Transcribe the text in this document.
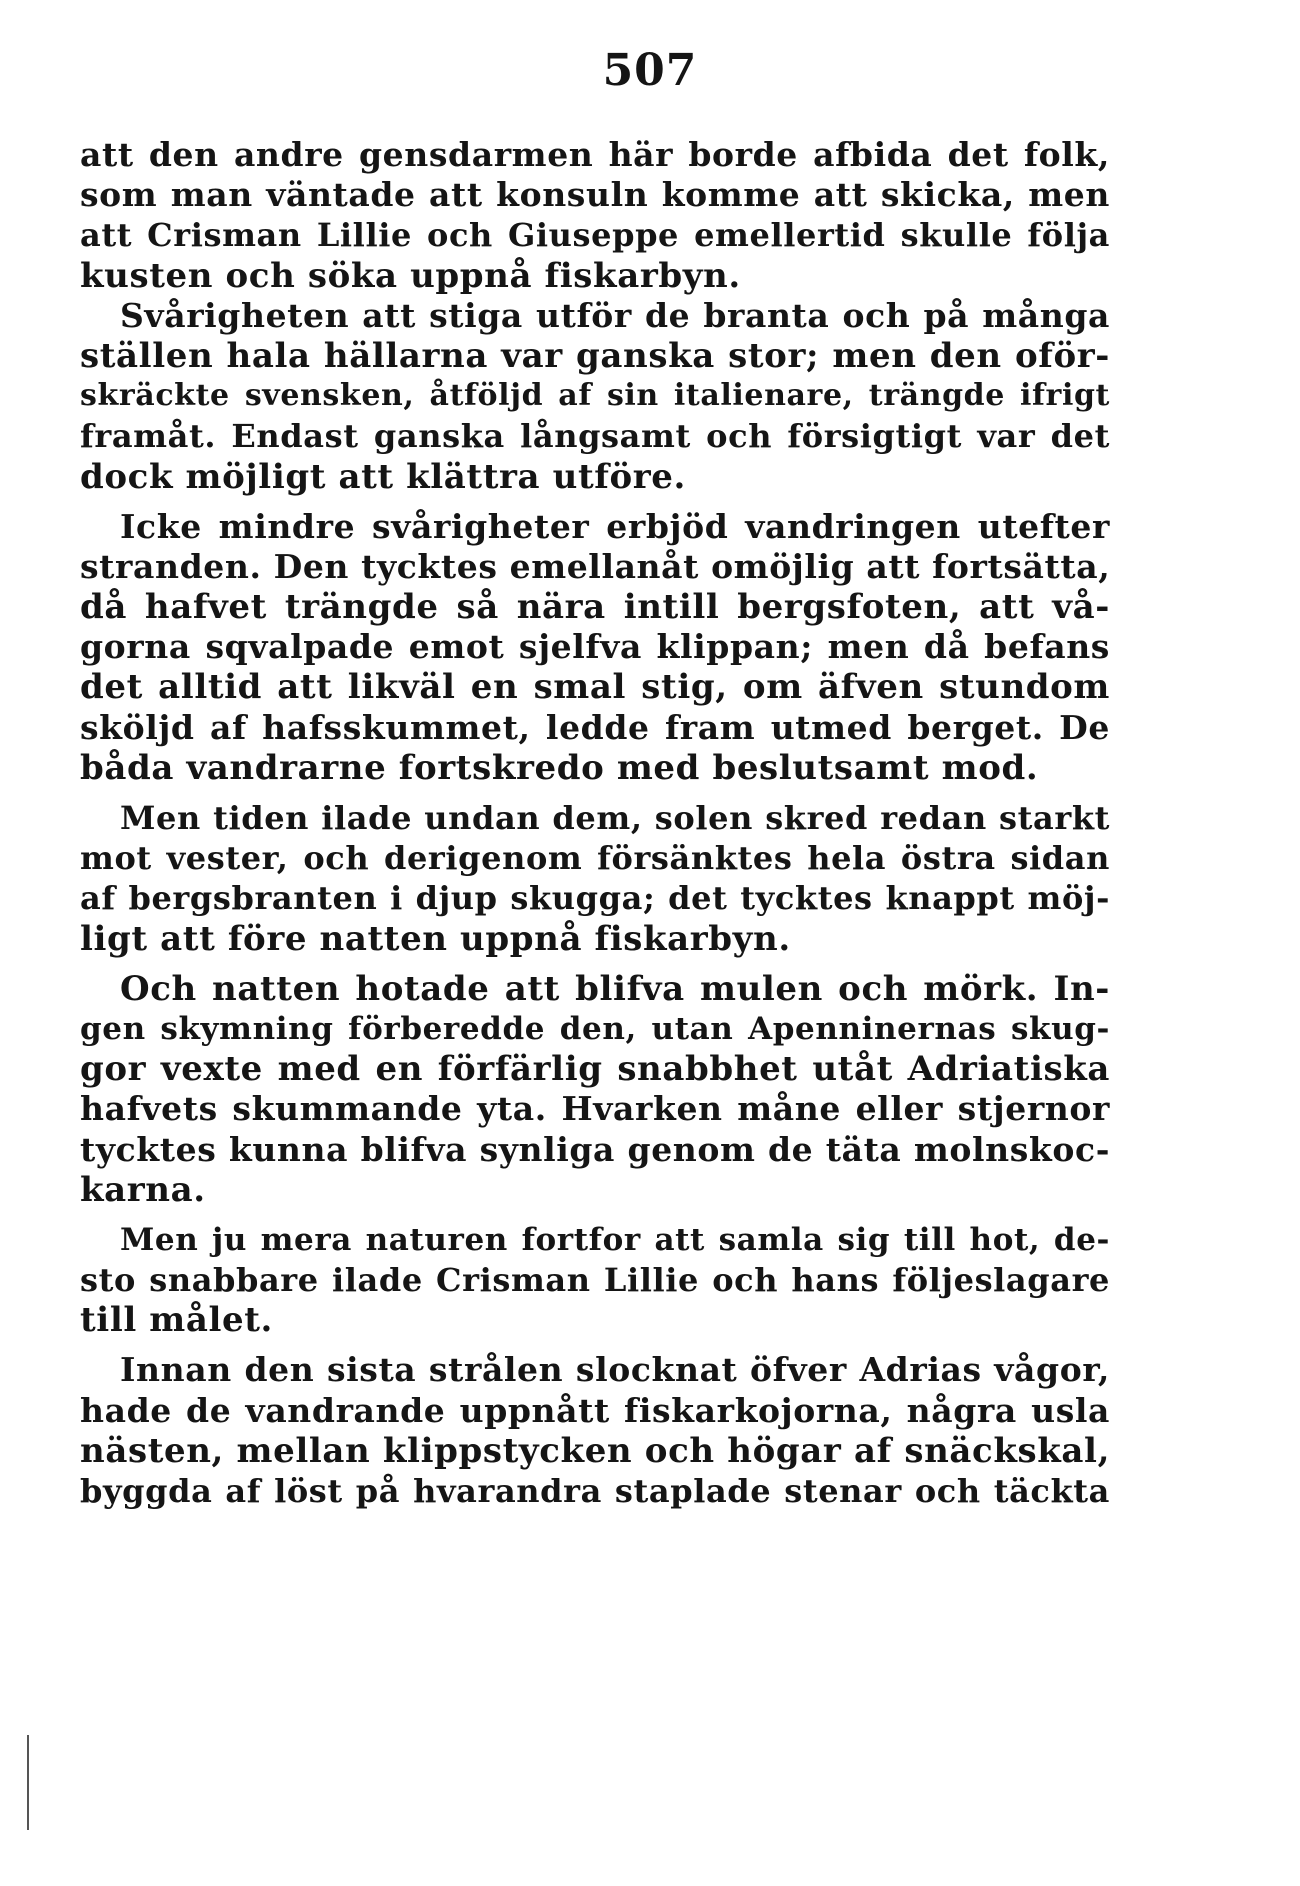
507
att den andre gensdarmen här borde afbida det folk,
som man väntade att konsuln komme att skicka, men
att Crisman Lillie och Giuseppe emellertid skulle följa
kusten och söka uppnå fiskarbyn.
Svårigheten att stiga utför de branta och på många
ställen hala hällarna var ganska stor; men den oför-
skräckte svensken, åtföljd af sin italienare, trängde ifrigt
framåt. Endast ganska långsamt och försigtigt var det
dock möjligt att klättra utföre.
Icke mindre svårigheter erbjöd vandringen utefter
stranden. Den tycktes emellanåt omöjlig att fortsätta,
då hafvet trängde så nära intill bergsfoten, att vå-
gorna sqvalpade emot sjelfva klippan; men då befans
det alltid att likväl en smal stig, om äfven stundom
sköljd af hafsskummet, ledde fram utmed berget. De
båda vandrarne fortskredo med beslutsamt mod.
Men tiden ilade undan dem, solen skred redan starkt
mot vester, och derigenom försänktes hela östra sidan
af bergsbranten i djup skugga; det tycktes knappt möj-
ligt att före natten uppnå fiskarbyn.
Och natten hotade att blifva mulen och mörk. In-
gen skymning förberedde den, utan Apenninernas skug-
gor vexte med en förfärlig snabbhet utåt Adriatiska
hafvets skummande yta. Hvarken måne eller stjernor
tycktes kunna blifva synliga genom de täta molnskoc-
karna.
Men ju mera naturen fortfor att samla sig till hot, de-
sto snabbare ilade Crisman Lillie och hans följeslagare
till målet.
Innan den sista strålen slocknat öfver Adrias vågor,
hade de vandrande uppnått fiskarkojorna, några usla
nästen, mellan klippstycken och högar af snäckskal,
byggda af löst på hvarandra staplade stenar och täckta
